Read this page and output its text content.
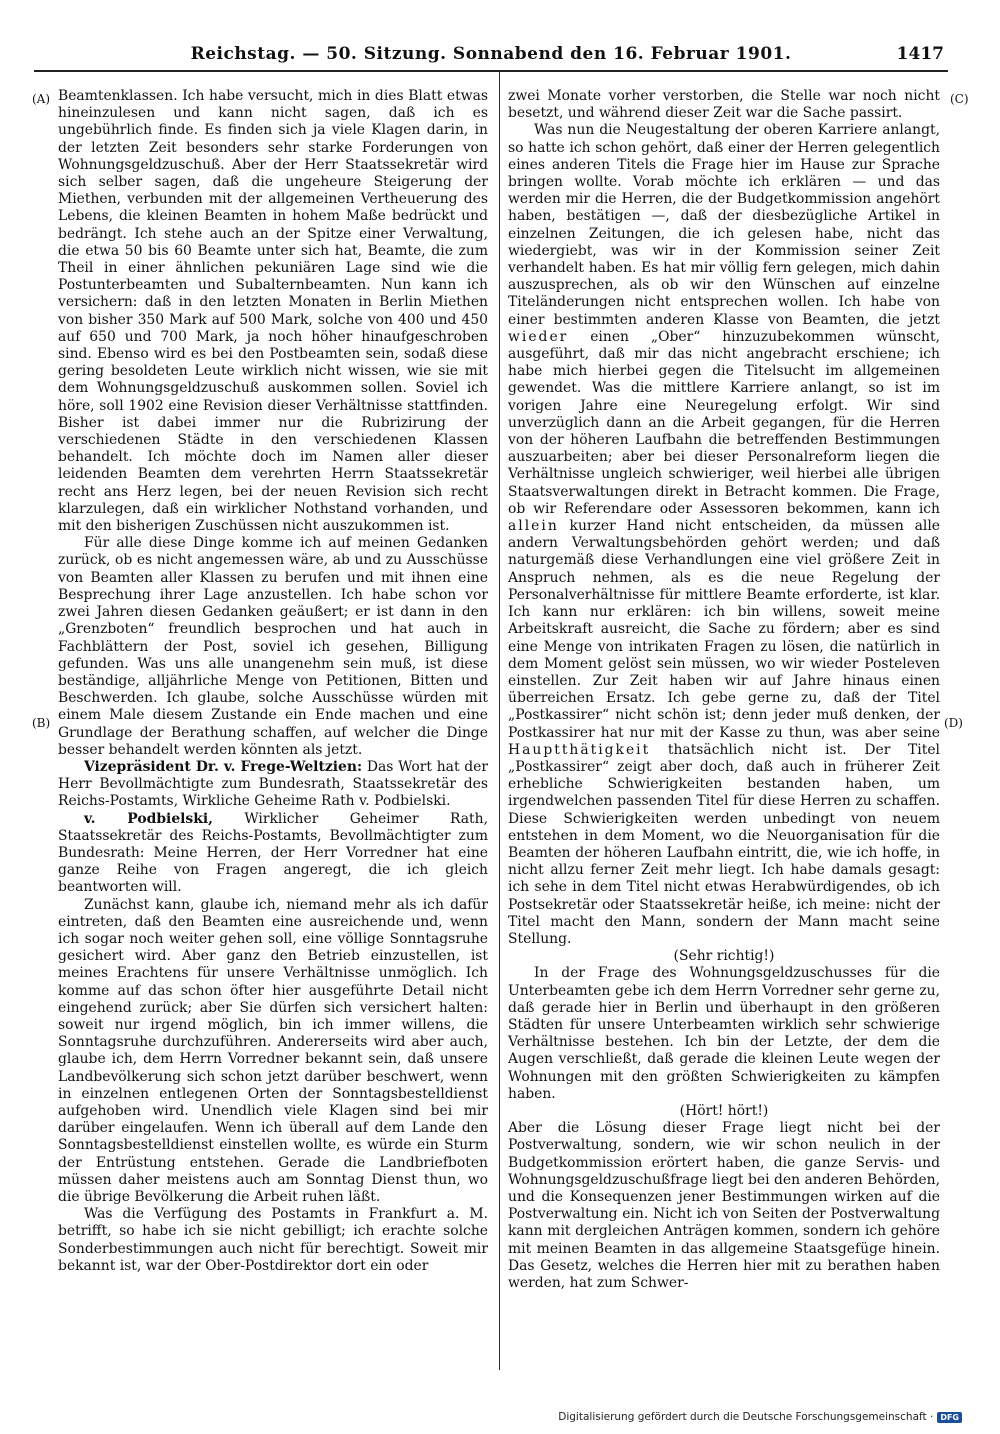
Reichstag. — 50. Sitzung. Sonnabend den 16. Februar 1901.	1417
(A)
(B)
(C)
(D)

Beamtenklassen. Ich habe versucht, mich in dies Blatt etwas hineinzulesen und kann nicht sagen, daß ich es ungebührlich finde. Es finden sich ja viele Klagen darin, in der letzten Zeit besonders sehr starke Forderungen von Wohnungsgeldzuschuß. Aber der Herr Staatssekretär wird sich selber sagen, daß die ungeheure Steigerung der Miethen, verbunden mit der allgemeinen Vertheuerung des Lebens, die kleinen Beamten in hohem Maße bedrückt und bedrängt. Ich stehe auch an der Spitze einer Verwaltung, die etwa 50 bis 60 Beamte unter sich hat, Beamte, die zum Theil in einer ähnlichen pekuniären Lage sind wie die Postunterbeamten und Subalternbeamten. Nun kann ich versichern: daß in den letzten Monaten in Berlin Miethen von bisher 350 Mark auf 500 Mark, solche von 400 und 450 auf 650 und 700 Mark, ja noch höher hinaufgeschroben sind. Ebenso wird es bei den Postbeamten sein, sodaß diese gering besoldeten Leute wirklich nicht wissen, wie sie mit dem Wohnungsgeldzuschuß auskommen sollen. Soviel ich höre, soll 1902 eine Revision dieser Verhältnisse stattfinden. Bisher ist dabei immer nur die Rubrizirung der verschiedenen Städte in den verschiedenen Klassen behandelt. Ich möchte doch im Namen aller dieser leidenden Beamten dem verehrten Herrn Staatssekretär recht ans Herz legen, bei der neuen Revision sich recht klarzulegen, daß ein wirklicher Nothstand vorhanden, und mit den bisherigen Zuschüssen nicht auszukommen ist.

Für alle diese Dinge komme ich auf meinen Gedanken zurück, ob es nicht angemessen wäre, ab und zu Ausschüsse von Beamten aller Klassen zu berufen und mit ihnen eine Besprechung ihrer Lage anzustellen. Ich habe schon vor zwei Jahren diesen Gedanken geäußert; er ist dann in den „Grenzboten“ freundlich besprochen und hat auch in Fachblättern der Post, soviel ich gesehen, Billigung gefunden. Was uns alle unangenehm sein muß, ist diese beständige, alljährliche Menge von Petitionen, Bitten und Beschwerden. Ich glaube, solche Ausschüsse würden mit einem Male diesem Zustande ein Ende machen und eine Grundlage der Berathung schaffen, auf welcher die Dinge besser behandelt werden könnten als jetzt.

Vizepräsident Dr. v. Frege-Weltzien: Das Wort hat der Herr Bevollmächtigte zum Bundesrath, Staatssekretär des Reichs-Postamts, Wirkliche Geheime Rath v. Podbielski.

v. Podbielski, Wirklicher Geheimer Rath, Staatssekretär des Reichs-Postamts, Bevollmächtigter zum Bundesrath: Meine Herren, der Herr Vorredner hat eine ganze Reihe von Fragen angeregt, die ich gleich beantworten will.

Zunächst kann, glaube ich, niemand mehr als ich dafür eintreten, daß den Beamten eine ausreichende und, wenn ich sogar noch weiter gehen soll, eine völlige Sonntagsruhe gesichert wird. Aber ganz den Betrieb einzustellen, ist meines Erachtens für unsere Verhältnisse unmöglich. Ich komme auf das schon öfter hier ausgeführte Detail nicht eingehend zurück; aber Sie dürfen sich versichert halten: soweit nur irgend möglich, bin ich immer willens, die Sonntagsruhe durchzuführen. Andererseits wird aber auch, glaube ich, dem Herrn Vorredner bekannt sein, daß unsere Landbevölkerung sich schon jetzt darüber beschwert, wenn in einzelnen entlegenen Orten der Sonntagsbestelldienst aufgehoben wird. Unendlich viele Klagen sind bei mir darüber eingelaufen. Wenn ich überall auf dem Lande den Sonntagsbestelldienst einstellen wollte, es würde ein Sturm der Entrüstung entstehen. Gerade die Landbriefboten müssen daher meistens auch am Sonntag Dienst thun, wo die übrige Bevölkerung die Arbeit ruhen läßt.

Was die Verfügung des Postamts in Frankfurt a. M. betrifft, so habe ich sie nicht gebilligt; ich erachte solche Sonderbestimmungen auch nicht für berechtigt. Soweit mir bekannt ist, war der Ober-Postdirektor dort ein oder

zwei Monate vorher verstorben, die Stelle war noch nicht besetzt, und während dieser Zeit war die Sache passirt.

Was nun die Neugestaltung der oberen Karriere anlangt, so hatte ich schon gehört, daß einer der Herren gelegentlich eines anderen Titels die Frage hier im Hause zur Sprache bringen wollte. Vorab möchte ich erklären — und das werden mir die Herren, die der Budgetkommission angehört haben, bestätigen —, daß der diesbezügliche Artikel in einzelnen Zeitungen, die ich gelesen habe, nicht das wiedergiebt, was wir in der Kommission seiner Zeit verhandelt haben. Es hat mir völlig fern gelegen, mich dahin auszusprechen, als ob wir den Wünschen auf einzelne Titeländerungen nicht entsprechen wollen. Ich habe von einer bestimmten anderen Klasse von Beamten, die jetzt wieder einen „Ober“ hinzuzubekommen wünscht, ausgeführt, daß mir das nicht angebracht erschiene; ich habe mich hierbei gegen die Titelsucht im allgemeinen gewendet. Was die mittlere Karriere anlangt, so ist im vorigen Jahre eine Neuregelung erfolgt. Wir sind unverzüglich dann an die Arbeit gegangen, für die Herren von der höheren Laufbahn die betreffenden Bestimmungen auszuarbeiten; aber bei dieser Personalreform liegen die Verhältnisse ungleich schwieriger, weil hierbei alle übrigen Staatsverwaltungen direkt in Betracht kommen. Die Frage, ob wir Referendare oder Assessoren bekommen, kann ich allein kurzer Hand nicht entscheiden, da müssen alle andern Verwaltungsbehörden gehört werden; und daß naturgemäß diese Verhandlungen eine viel größere Zeit in Anspruch nehmen, als es die neue Regelung der Personalverhältnisse für mittlere Beamte erforderte, ist klar. Ich kann nur erklären: ich bin willens, soweit meine Arbeitskraft ausreicht, die Sache zu fördern; aber es sind eine Menge von intrikaten Fragen zu lösen, die natürlich in dem Moment gelöst sein müssen, wo wir wieder Posteleven einstellen. Zur Zeit haben wir auf Jahre hinaus einen überreichen Ersatz. Ich gebe gerne zu, daß der Titel „Postkassirer“ nicht schön ist; denn jeder muß denken, der Postkassirer hat nur mit der Kasse zu thun, was aber seine Hauptthätigkeit thatsächlich nicht ist. Der Titel „Postkassirer“ zeigt aber doch, daß auch in früherer Zeit erhebliche Schwierigkeiten bestanden haben, um irgendwelchen passenden Titel für diese Herren zu schaffen. Diese Schwierigkeiten werden unbedingt von neuem entstehen in dem Moment, wo die Neuorganisation für die Beamten der höheren Laufbahn eintritt, die, wie ich hoffe, in nicht allzu ferner Zeit mehr liegt. Ich habe damals gesagt: ich sehe in dem Titel nicht etwas Herabwürdigendes, ob ich Postsekretär oder Staatssekretär heiße, ich meine: nicht der Titel macht den Mann, sondern der Mann macht seine Stellung.

(Sehr richtig!)

In der Frage des Wohnungsgeldzuschusses für die Unterbeamten gebe ich dem Herrn Vorredner sehr gerne zu, daß gerade hier in Berlin und überhaupt in den größeren Städten für unsere Unterbeamten wirklich sehr schwierige Verhältnisse bestehen. Ich bin der Letzte, der dem die Augen verschließt, daß gerade die kleinen Leute wegen der Wohnungen mit den größten Schwierigkeiten zu kämpfen haben.

(Hört! hört!)

Aber die Lösung dieser Frage liegt nicht bei der Postverwaltung, sondern, wie wir schon neulich in der Budgetkommission erörtert haben, die ganze Servis- und Wohnungsgeldzuschußfrage liegt bei den anderen Behörden, und die Konsequenzen jener Bestimmungen wirken auf die Postverwaltung ein. Nicht ich von Seiten der Postverwaltung kann mit dergleichen Anträgen kommen, sondern ich gehöre mit meinen Beamten in das allgemeine Staatsgefüge hinein. Das Gesetz, welches die Herren hier mit zu berathen haben werden, hat zum Schwer-

Digitalisierung gefördert durch die Deutsche Forschungsgemeinschaft · DFG
